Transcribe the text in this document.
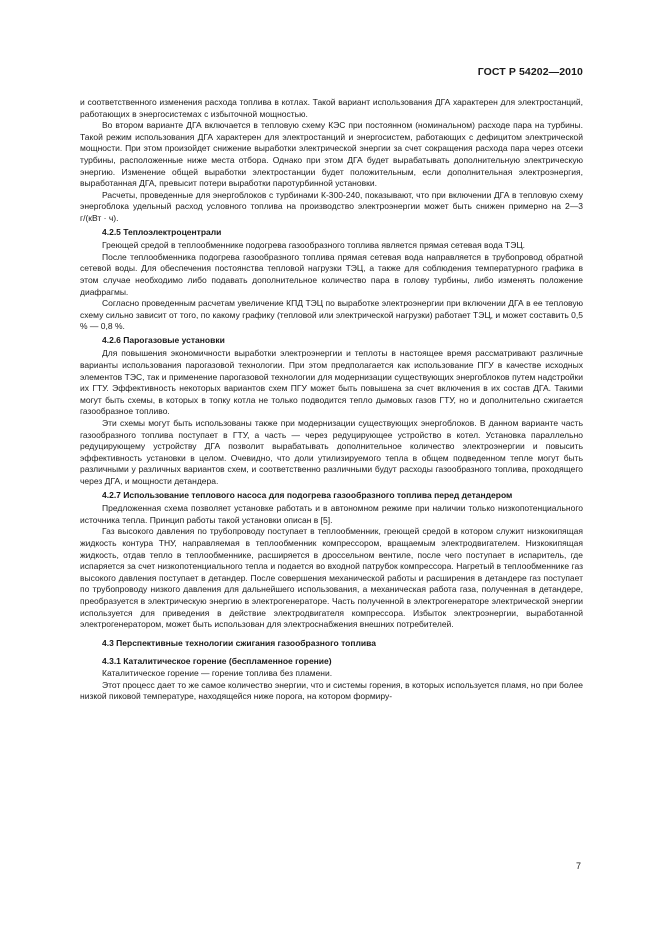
ГОСТ Р 54202—2010

и соответственного изменения расхода топлива в котлах. Такой вариант использования ДГА характерен для электростанций, работающих в энергосистемах с избыточной мощностью.

Во втором варианте ДГА включается в тепловую схему КЭС при постоянном (номинальном) расходе пара на турбины. Такой режим использования ДГА характерен для электростанций и энергосистем, работающих с дефицитом электрической мощности. При этом произойдет снижение выработки электрической энергии за счет сокращения расхода пара через отсеки турбины, расположенные ниже места отбора. Однако при этом ДГА будет вырабатывать дополнительную электрическую энергию. Изменение общей выработки электростанции будет положительным, если дополнительная электроэнергия, выработанная ДГА, превысит потери выработки паротурбинной установки.

Расчеты, проведенные для энергоблоков с турбинами К-300-240, показывают, что при включении ДГА в тепловую схему энергоблока удельный расход условного топлива на производство электроэнергии может быть снижен примерно на 2—3 г/(кВт · ч).

4.2.5 Теплоэлектроцентрали

Греющей средой в теплообменнике подогрева газообразного топлива является прямая сетевая вода ТЭЦ.

После теплообменника подогрева газообразного топлива прямая сетевая вода направляется в трубопровод обратной сетевой воды. Для обеспечения постоянства тепловой нагрузки ТЭЦ, а также для соблюдения температурного графика в этом случае необходимо либо подавать дополнительное количество пара в голову турбины, либо изменять положение диафрагмы.

Согласно проведенным расчетам увеличение КПД ТЭЦ по выработке электроэнергии при включении ДГА в ее тепловую схему сильно зависит от того, по какому графику (тепловой или электрической нагрузки) работает ТЭЦ, и может составить 0,5 % — 0,8 %.

4.2.6 Парогазовые установки

Для повышения экономичности выработки электроэнергии и теплоты в настоящее время рассматривают различные варианты использования парогазовой технологии. При этом предполагается как использование ПГУ в качестве исходных элементов ТЭС, так и применение парогазовой технологии для модернизации существующих энергоблоков путем надстройки их ГТУ. Эффективность некоторых вариантов схем ПГУ может быть повышена за счет включения в их состав ДГА. Такими могут быть схемы, в которых в топку котла не только подводится тепло дымовых газов ГТУ, но и дополнительно сжигается газообразное топливо.

Эти схемы могут быть использованы также при модернизации существующих энергоблоков. В данном варианте часть газообразного топлива поступает в ГТУ, а часть — через редуцирующее устройство в котел. Установка параллельно редуцирующему устройству ДГА позволит вырабатывать дополнительное количество электроэнергии и повысить эффективность установки в целом. Очевидно, что доли утилизируемого тепла в общем подведенном тепле могут быть различными у различных вариантов схем, и соответственно различными будут расходы газообразного топлива, проходящего через ДГА, и мощности детандера.

4.2.7 Использование теплового насоса для подогрева газообразного топлива перед детандером

Предложенная схема позволяет установке работать и в автономном режиме при наличии только низкопотенциального источника тепла. Принцип работы такой установки описан в [5].

Газ высокого давления по трубопроводу поступает в теплообменник, греющей средой в котором служит низкокипящая жидкость контура ТНУ, направляемая в теплообменник компрессором, вращаемым электродвигателем. Низкокипящая жидкость, отдав тепло в теплообменнике, расширяется в дроссельном вентиле, после чего поступает в испаритель, где испаряется за счет низкопотенциального тепла и подается во входной патрубок компрессора. Нагретый в теплообменнике газ высокого давления поступает в детандер. После совершения механической работы и расширения в детандере газ поступает по трубопроводу низкого давления для дальнейшего использования, а механическая работа газа, полученная в детандере, преобразуется в электрическую энергию в электрогенераторе. Часть полученной в электрогенераторе электрической энергии используется для приведения в действие электродвигателя компрессора. Избыток электроэнергии, выработанной электрогенератором, может быть использован для электроснабжения внешних потребителей.

4.3 Перспективные технологии сжигания газообразного топлива

4.3.1 Каталитическое горение (беспламенное горение)

Каталитическое горение — горение топлива без пламени.

Этот процесс дает то же самое количество энергии, что и системы горения, в которых используется пламя, но при более низкой пиковой температуре, находящейся ниже порога, на котором формиру-

7
